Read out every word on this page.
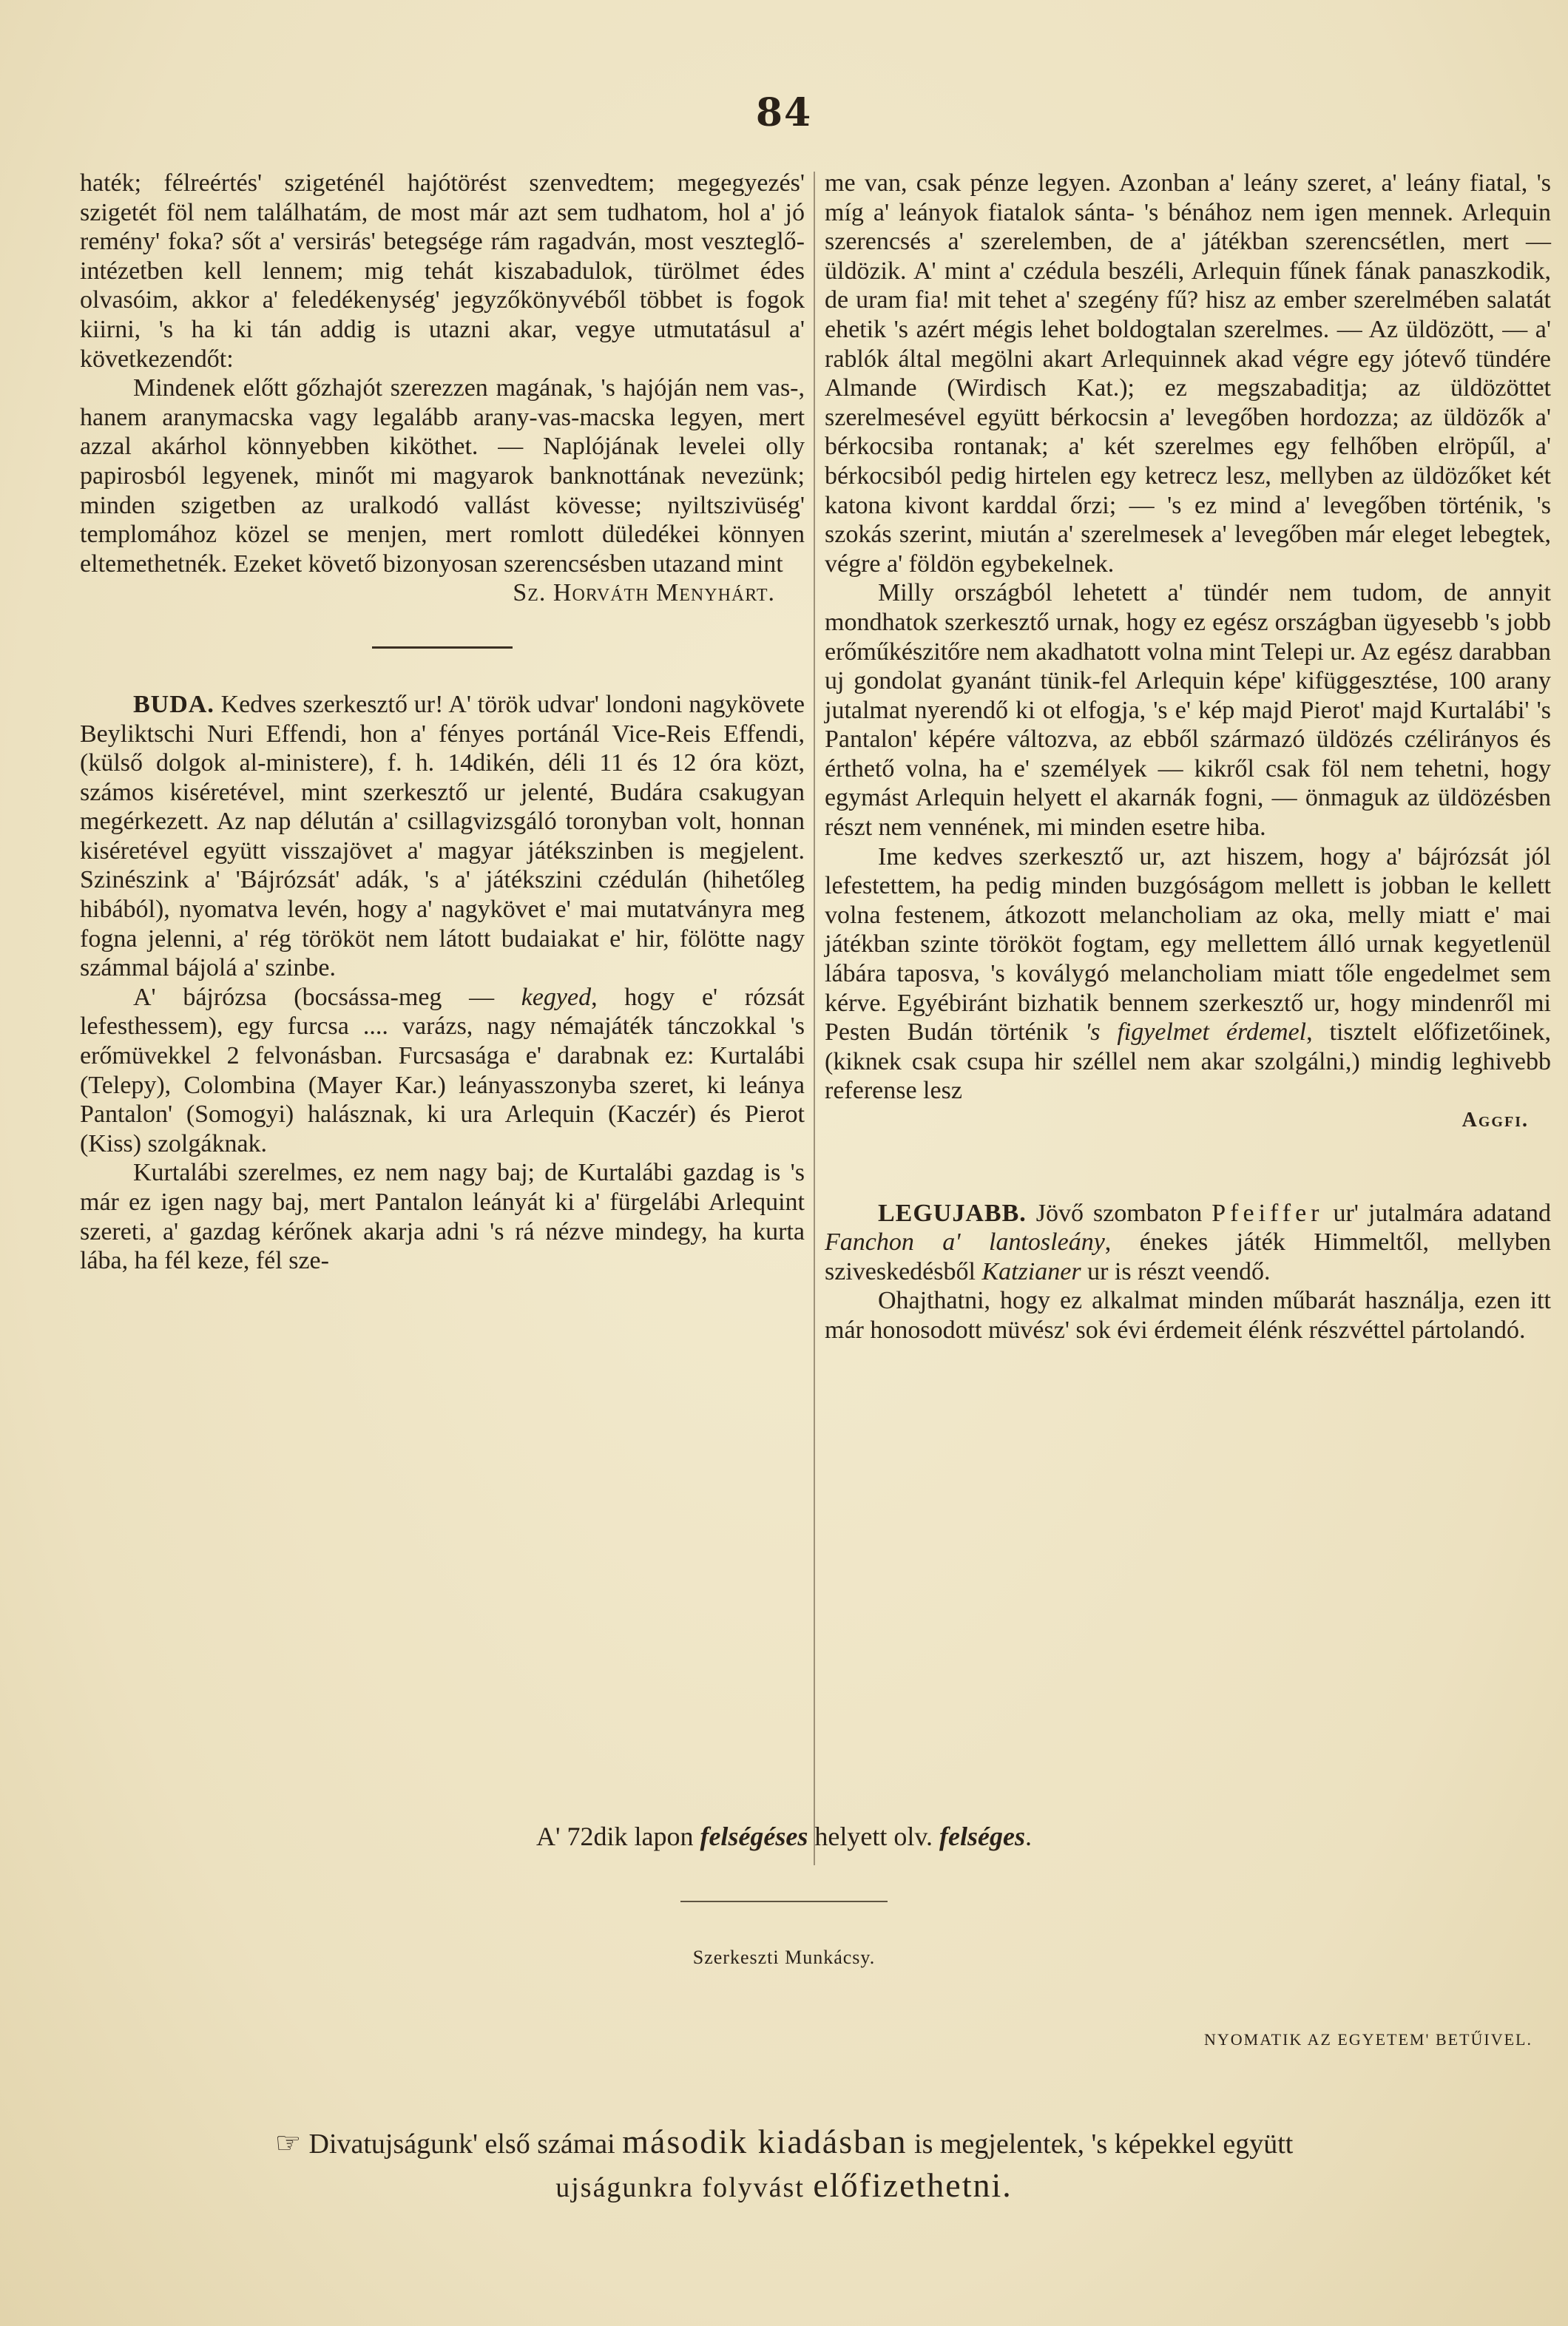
84

haték; félreértés' szigeténél hajótörést szenvedtem; megegyezés' szigetét föl nem találhatám, de most már azt sem tudhatom, hol a' jó remény' foka? sőt a' versirás' betegsége rám ragadván, most veszteglő-intézetben kell lennem; mig tehát kiszabadulok, türölmet édes olvasóim, akkor a' feledékenység' jegyzőkönyvéből többet is fogok kiirni, 's ha ki tán addig is utazni akar, vegye utmutatásul a' következendőt:

Mindenek előtt gőzhajót szerezzen magának, 's hajóján nem vas-, hanem aranymacska vagy legalább arany-vas-macska legyen, mert azzal akárhol könnyebben kiköthet. — Naplójának levelei olly papirosból legyenek, minőt mi magyarok banknottának nevezünk; minden szigetben az uralkodó vallást kövesse; nyiltszivüség' templomához közel se menjen, mert romlott düledékei könnyen eltemethetnék. Ezeket követő bizonyosan szerencsésben utazand mint

Sz. Horváth Menyhárt.

BUDA. Kedves szerkesztő ur! A' török udvar' londoni nagykövete Beyliktschi Nuri Effendi, hon a' fényes portánál Vice-Reis Effendi, (külső dolgok al-ministere), f. h. 14dikén, déli 11 és 12 óra közt, számos kiséretével, mint szerkesztő ur jelenté, Budára csakugyan megérkezett. Az nap délután a' csillagvizsgáló toronyban volt, honnan kiséretével együtt visszajövet a' magyar játékszinben is megjelent. Szinészink a' 'Bájrózsát' adák, 's a' játékszini czédulán (hihetőleg hibából), nyomatva levén, hogy a' nagykövet e' mai mutatványra meg fogna jelenni, a' rég törököt nem látott budaiakat e' hir, fölötte nagy számmal bájolá a' szinbe.

A' bájrózsa (bocsássa-meg — kegyed, hogy e' rózsát lefesthessem), egy furcsa .... varázs, nagy némajáték tánczokkal 's erőmüvekkel 2 felvonásban. Furcsasága e' darabnak ez: Kurtalábi (Telepy), Colombina (Mayer Kar.) leányasszonyba szeret, ki leánya Pantalon' (Somogyi) halásznak, ki ura Arlequin (Kaczér) és Pierot (Kiss) szolgáknak.

Kurtalábi szerelmes, ez nem nagy baj; de Kurtalábi gazdag is 's már ez igen nagy baj, mert Pantalon leányát ki a' fürgelábi Arlequint szereti, a' gazdag kérőnek akarja adni 's rá nézve mindegy, ha kurta lába, ha fél keze, fél sze-

me van, csak pénze legyen. Azonban a' leány szeret, a' leány fiatal, 's míg a' leányok fiatalok sánta- 's bénához nem igen mennek. Arlequin szerencsés a' szerelemben, de a' játékban szerencsétlen, mert — üldözik. A' mint a' czédula beszéli, Arlequin fűnek fának panaszkodik, de uram fia! mit tehet a' szegény fű? hisz az ember szerelmében salatát ehetik 's azért mégis lehet boldogtalan szerelmes. — Az üldözött, — a' rablók által megölni akart Arlequinnek akad végre egy jótevő tündére Almande (Wirdisch Kat.); ez megszabaditja; az üldözöttet szerelmesével együtt bérkocsin a' levegőben hordozza; az üldözők a' bérkocsiba rontanak; a' két szerelmes egy felhőben elröpűl, a' bérkocsiból pedig hirtelen egy ketrecz lesz, mellyben az üldözőket két katona kivont karddal őrzi; — 's ez mind a' levegőben történik, 's szokás szerint, miután a' szerelmesek a' levegőben már eleget lebegtek, végre a' földön egybekelnek.

Milly országból lehetett a' tündér nem tudom, de annyit mondhatok szerkesztő urnak, hogy ez egész országban ügyesebb 's jobb erőműkészitőre nem akadhatott volna mint Telepi ur. Az egész darabban uj gondolat gyanánt tünik-fel Arlequin képe' kifüggesztése, 100 arany jutalmat nyerendő ki ot elfogja, 's e' kép majd Pierot' majd Kurtalábi' 's Pantalon' képére változva, az ebből származó üldözés czélirányos és érthető volna, ha e' személyek — kikről csak föl nem tehetni, hogy egymást Arlequin helyett el akarnák fogni, — önmaguk az üldözésben részt nem vennének, mi minden esetre hiba.

Ime kedves szerkesztő ur, azt hiszem, hogy a' bájrózsát jól lefestettem, ha pedig minden buzgóságom mellett is jobban le kellett volna festenem, átkozott melancholiam az oka, melly miatt e' mai játékban szinte törököt fogtam, egy mellettem álló urnak kegyetlenül lábára taposva, 's koválygó melancholiam miatt tőle engedelmet sem kérve. Egyébiránt bizhatik bennem szerkesztő ur, hogy mindenről mi Pesten Budán történik 's figyelmet érdemel, tisztelt előfizetőinek, (kiknek csak csupa hir széllel nem akar szolgálni,) mindig leghivebb referense lesz

Aggfi.

LEGUJABB. Jövő szombaton Pfeiffer ur' jutalmára adatand Fanchon a' lantosleány, énekes játék Himmeltől, mellyben sziveskedésből Katzianer ur is részt veendő.

Ohajthatni, hogy ez alkalmat minden műbarát használja, ezen itt már honosodott müvész' sok évi érdemeit élénk részvéttel pártolandó.

A' 72dik lapon felségéses helyett olv. felséges.
Szerkeszti Munkácsy.
NYOMATIK AZ EGYETEM' BETŰIVEL.
☞ Divatujságunk' első számai második kiadásban is megjelentek, 's képekkel együtt
ujságunkra folyvást előfizethetni.
